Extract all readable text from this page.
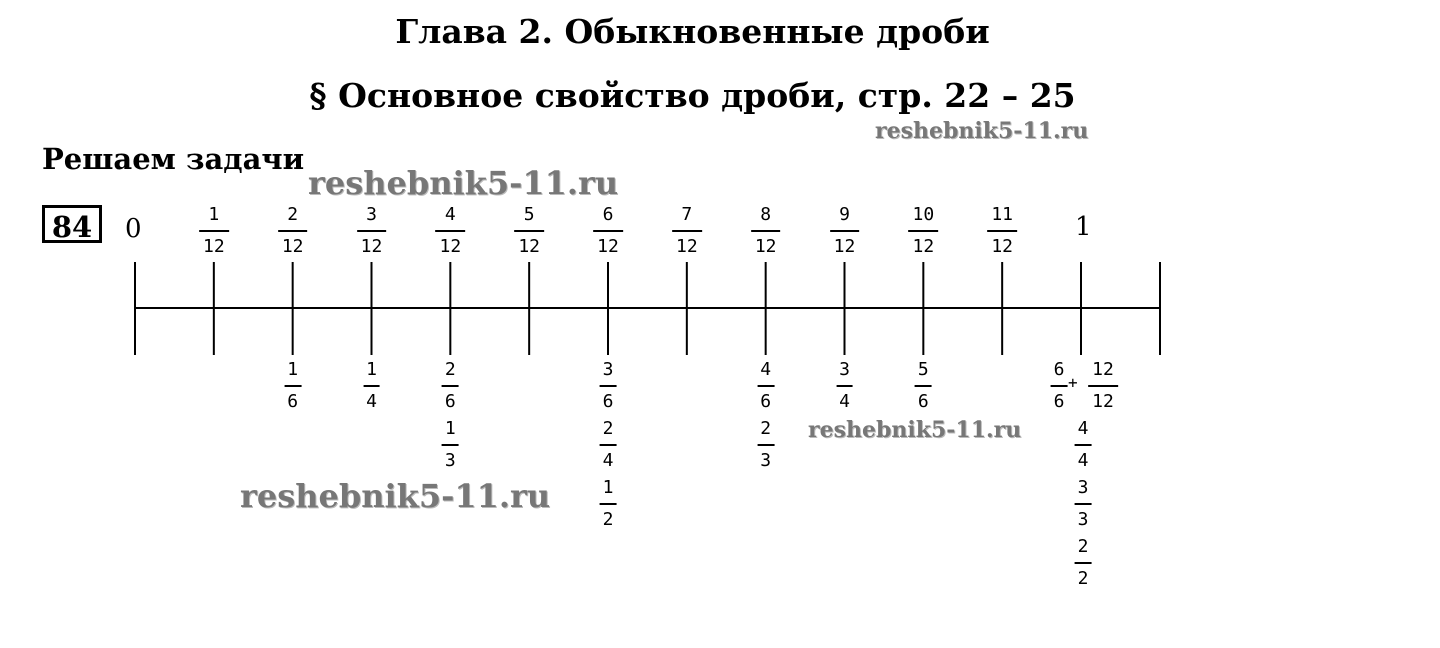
Глава 2. Обыкновенные дроби
§ Основное свойство дроби, стр. 22 – 25
Решаем задачи
84
reshebnik5-11.ru
reshebnik5-11.ru
reshebnik5-11.ru
reshebnik5-11.ru
0	1
1
12
2
12
3
12
4
12
5
12
6
12
7
12
8
12
9
12
10
12
11
12
1
6
1
4
2
6
1
3
3
6
2
4
1
2
4
6
2
3
3
4
5
6
6
6
12
12
4
4
3
3
2
2
+
